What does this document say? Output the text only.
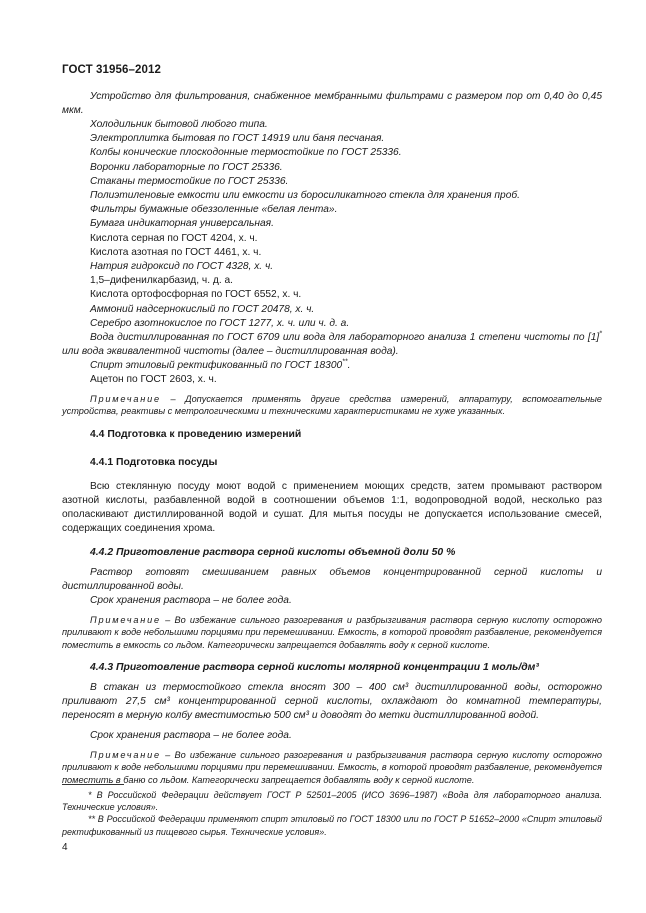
ГОСТ 31956–2012

Устройство для фильтрования, снабженное мембранными фильтрами с размером пор от 0,40 до 0,45 мкм.

Холодильник бытовой любого типа.

Электроплитка бытовая по ГОСТ 14919 или баня песчаная.

Колбы конические плоскодонные термостойкие по ГОСТ 25336.

Воронки лабораторные по ГОСТ 25336.

Стаканы термостойкие по ГОСТ 25336.

Полиэтиленовые емкости или емкости из боросиликатного стекла для хранения проб.

Фильтры бумажные обеззоленные «белая лента».

Бумага индикаторная универсальная.

Кислота серная по ГОСТ 4204, х. ч.

Кислота азотная по ГОСТ 4461, х. ч.

Натрия гидроксид по ГОСТ 4328, х. ч.

1,5–дифенилкарбазид, ч. д. а.

Кислота ортофосфорная по ГОСТ 6552, х. ч.

Аммоний надсернокислый по ГОСТ 20478, х. ч.

Серебро азотнокислое по ГОСТ 1277, х. ч. или ч. д. а.

Вода дистиллированная по ГОСТ 6709 или вода для лабораторного анализа 1 степени чистоты по [1]* или вода эквивалентной чистоты (далее – дистиллированная вода).

Спирт этиловый ректификованный по ГОСТ 18300**.

Ацетон по ГОСТ 2603, х. ч.

Примечание – Допускается применять другие средства измерений, аппаратуру, вспомогательные устройства, реактивы с метрологическими и техническими характеристиками не хуже указанных.

4.4 Подготовка к проведению измерений

4.4.1 Подготовка посуды

Всю стеклянную посуду моют водой с применением моющих средств, затем промывают раствором азотной кислоты, разбавленной водой в соотношении объемов 1:1, водопроводной водой, несколько раз ополаскивают дистиллированной водой и сушат. Для мытья посуды не допускается использование смесей, содержащих соединения хрома.

4.4.2 Приготовление раствора серной кислоты объемной доли 50 %

Раствор готовят смешиванием равных объемов концентрированной серной кислоты и дистиллированной воды.

Срок хранения раствора – не более года.

Примечание – Во избежание сильного разогревания и разбрызгивания раствора серную кислоту осторожно приливают к воде небольшими порциями при перемешивании. Емкость, в которой проводят разбавление, рекомендуется поместить в емкость со льдом. Категорически запрещается добавлять воду к серной кислоте.

4.4.3 Приготовление раствора серной кислоты молярной концентрации 1 моль/дм³

В стакан из термостойкого стекла вносят 300 – 400 см³ дистиллированной воды, осторожно приливают 27,5 см³ концентрированной серной кислоты, охлаждают до комнатной температуры, переносят в мерную колбу вместимостью 500 см³ и доводят до метки дистиллированной водой.

Срок хранения раствора – не более года.

Примечание – Во избежание сильного разогревания и разбрызгивания раствора серную кислоту осторожно приливают к воде небольшими порциями при перемешивании. Емкость, в которой проводят разбавление, рекомендуется поместить в баню со льдом. Категорически запрещается добавлять воду к серной кислоте.

* В Российской Федерации действует ГОСТ Р 52501–2005 (ИСО 3696–1987) «Вода для лабораторного анализа. Технические условия».

** В Российской Федерации применяют спирт этиловый по ГОСТ 18300 или по ГОСТ Р 51652–2000 «Спирт этиловый ректификованный из пищевого сырья. Технические условия».

4
